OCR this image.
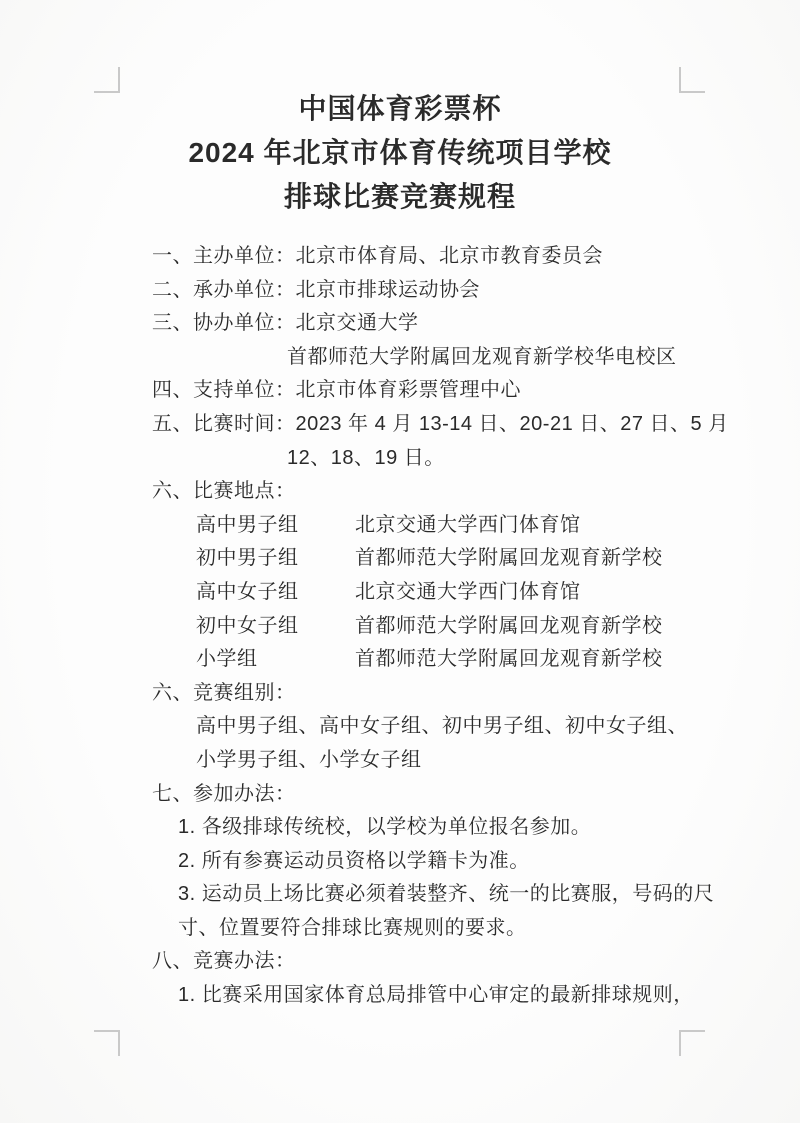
中国体育彩票杯
2024 年北京市体育传统项目学校
排球比赛竞赛规程
一、主办单位：北京市体育局、北京市教育委员会
二、承办单位：北京市排球运动协会
三、协办单位：北京交通大学
首都师范大学附属回龙观育新学校华电校区
四、支持单位：北京市体育彩票管理中心
五、比赛时间：2023 年 4 月 13-14 日、20-21 日、27 日、5 月
12、18、19 日。
六、比赛地点：
高中男子组	北京交通大学西门体育馆
初中男子组	首都师范大学附属回龙观育新学校
高中女子组	北京交通大学西门体育馆
初中女子组	首都师范大学附属回龙观育新学校
小学组	首都师范大学附属回龙观育新学校
六、竞赛组别：
高中男子组、高中女子组、初中男子组、初中女子组、
小学男子组、小学女子组
七、参加办法：
1. 各级排球传统校，以学校为单位报名参加。
2. 所有参赛运动员资格以学籍卡为准。
3. 运动员上场比赛必须着装整齐、统一的比赛服，号码的尺
寸、位置要符合排球比赛规则的要求。
八、竞赛办法：
1. 比赛采用国家体育总局排管中心审定的最新排球规则，
